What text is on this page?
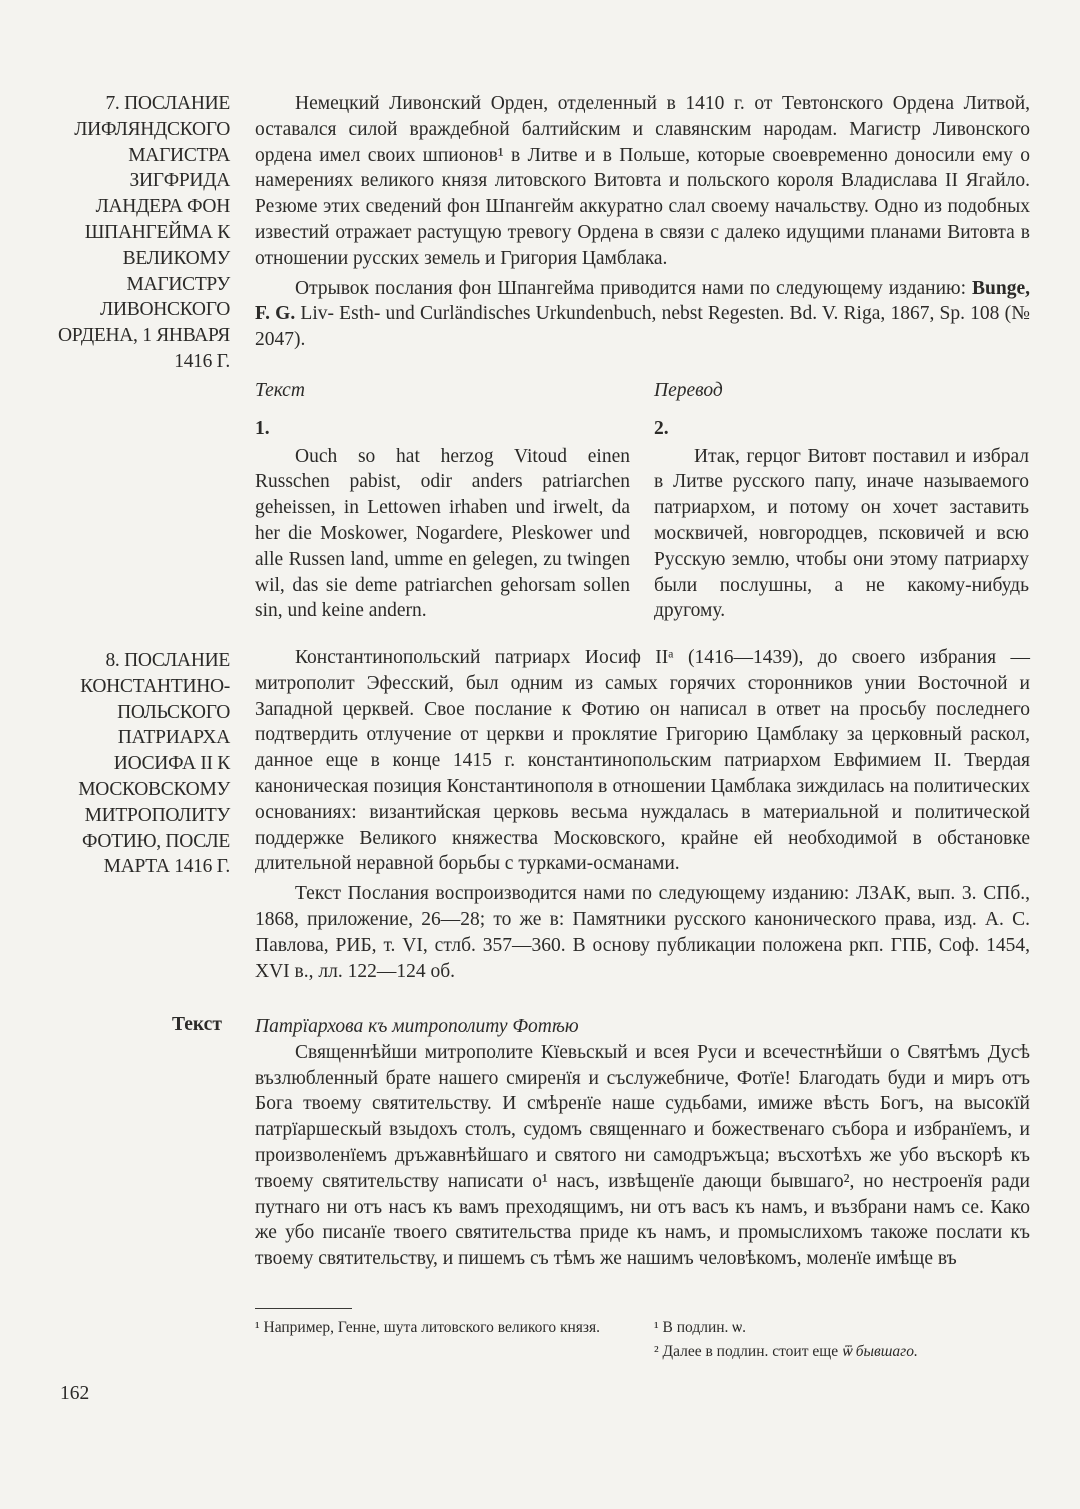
7. ПОСЛАНИЕ ЛИФЛЯНДСКОГО МАГИСТРА ЗИГФРИДА ЛАНДЕРА ФОН ШПАНГЕЙМА К ВЕЛИКОМУ МАГИСТРУ ЛИВОНСКОГО ОРДЕНА, 1 ЯНВАРЯ 1416 Г.

Немецкий Ливонский Орден, отделенный в 1410 г. от Тевтонского Ордена Литвой, оставался силой враждебной балтийским и славянским народам. Магистр Ливонского ордена имел своих шпионов¹ в Литве и в Польше, которые своевременно доносили ему о намерениях великого князя литовского Витовта и польского короля Владислава II Ягайло. Резюме этих сведений фон Шпангейм аккуратно слал своему начальству. Одно из подобных известий отражает растущую тревогу Ордена в связи с далеко идущими планами Витовта в отношении русских земель и Григория Цамблака.

Отрывок послания фон Шпангейма приводится нами по следующему изданию: Bunge, F. G. Liv- Esth- und Curländisches Urkundenbuch, nebst Regesten. Bd. V. Riga, 1867, Sp. 108 (№ 2047).

Текст

1.

Ouch so hat herzog Vitoud einen Russchen pabist, odir anders patriarchen geheissen, in Lettowen irhaben und irwelt, da her die Moskower, Nogardere, Pleskower und alle Russen land, umme en gelegen, zu twingen wil, das sie deme patriarchen gehorsam sollen sin, und keine andern.

Перевод

2.

Итак, герцог Витовт поставил и избрал в Литве русского папу, иначе называемого патриархом, и потому он хочет заставить москвичей, новгородцев, псковичей и всю Русскую землю, чтобы они этому патриарху были послушны, а не какому-нибудь другому.

8. ПОСЛАНИЕ КОНСТАНТИНО-ПОЛЬСКОГО ПАТРИАРХА ИОСИФА II К МОСКОВСКОМУ МИТРОПОЛИТУ ФОТИЮ, ПОСЛЕ МАРТА 1416 Г.

Константинопольский патриарх Иосиф IIᵃ (1416—1439), до своего избрания — митрополит Эфесский, был одним из самых горячих сторонников унии Восточной и Западной церквей. Свое послание к Фотию он написал в ответ на просьбу последнего подтвердить отлучение от церкви и проклятие Григорию Цамблаку за церковный раскол, данное еще в конце 1415 г. константинопольским патриархом Евфимием II. Твердая каноническая позиция Константинополя в отношении Цамблака зиждилась на политических основаниях: византийская церковь весьма нуждалась в материальной и политической поддержке Великого княжества Московского, крайне ей необходимой в обстановке длительной неравной борьбы с турками-османами.

Текст Послания воспроизводится нами по следующему изданию: ЛЗАК, вып. 3. СПб., 1868, приложение, 26—28; то же в: Памятники русского канонического права, изд. А. С. Павлова, РИБ, т. VI, стлб. 357—360. В основу публикации положена ркп. ГПБ, Соф. 1454, XVI в., лл. 122—124 об.

Текст Патрїархова къ митрополиту Фотѣю

Священнѣйши митрополите Кїевьскый и всея Руси и всечестнѣйши о Святѣмъ Дусѣ възлюбленный брате нашего смиренїя и съслужебниче, Фотїе! Благодать буди и миръ отъ Бога твоему святительству. И смѣренїе наше судьбами, имиже вѣсть Богъ, на высокїй патрїаршескый взыдохъ столъ, судомъ священнаго и божественаго събора и избранїемъ, и произволенїемъ дръжавнѣйшаго и святого ни самодръжъца; въсхотѣхъ же убо въскорѣ къ твоему святительству написати о¹ насъ, извѣщенїе дающи бывшаго², но нестроенїя ради путнаго ни отъ насъ къ вамъ преходящимъ, ни отъ васъ къ намъ, и възбрани намъ се. Како же убо писанїе твоего святительства приде къ намъ, и промыслихомъ такоже послати къ твоему святительству, и пишемъ съ тѣмъ же нашимъ человѣкомъ, моленїе имѣще въ

¹ Например, Генне, шута литовского великого князя.	¹ В подлин. ѡ.
² Далее в подлин. стоит еще ѿ бывшаго.
162
